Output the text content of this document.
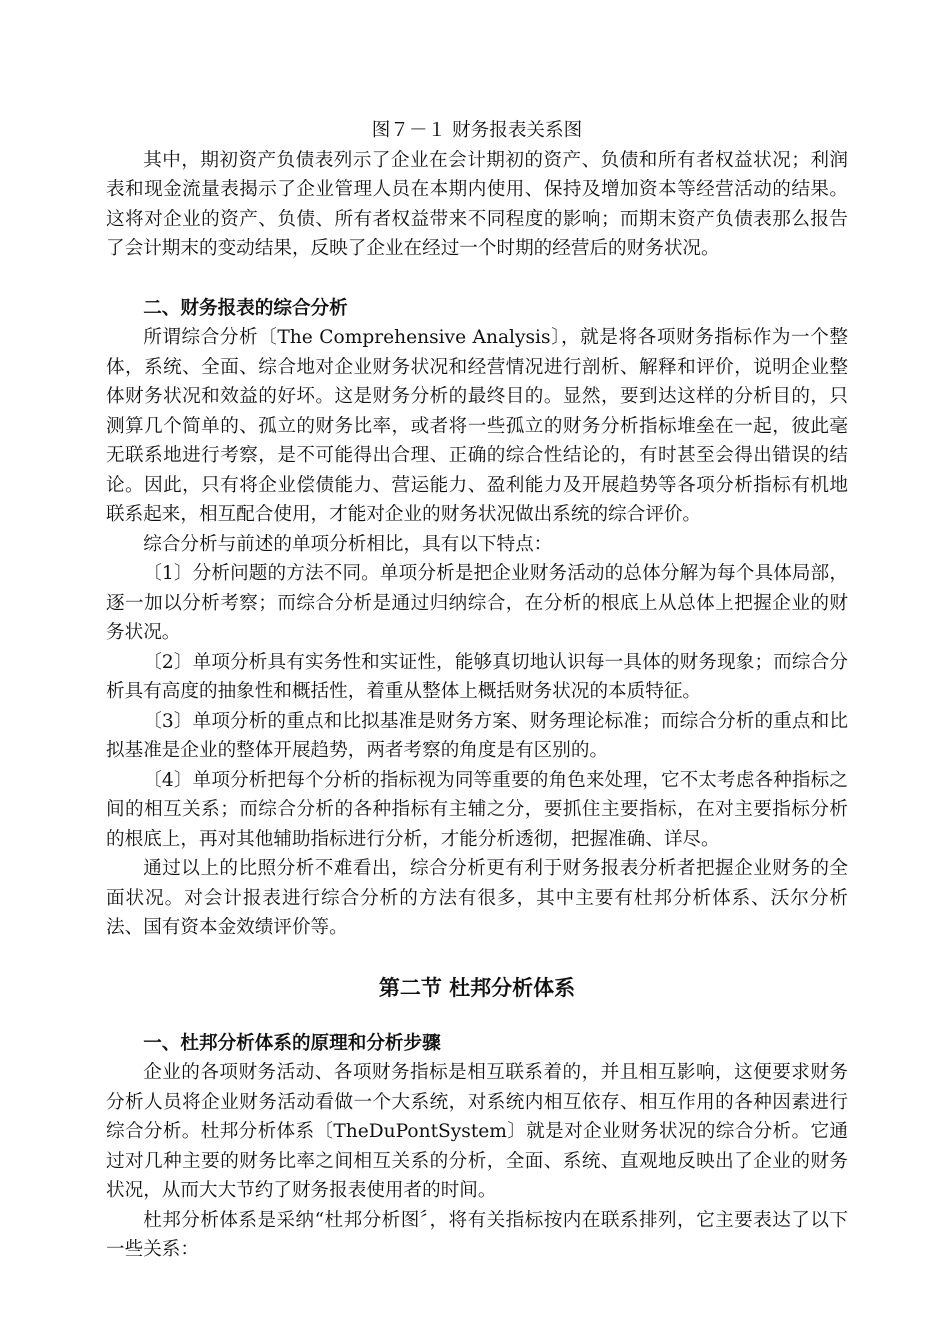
图７－１ 财务报表关系图

其中，期初资产负债表列示了企业在会计期初的资产、负债和所有者权益状况；利润表和现金流量表揭示了企业管理人员在本期内使用、保持及增加资本等经营活动的结果。这将对企业的资产、负债、所有者权益带来不同程度的影响；而期末资产负债表那么报告了会计期末的变动结果，反映了企业在经过一个时期的经营后的财务状况。

二、财务报表的综合分析

所谓综合分析〔The Comprehensive Analysis〕，就是将各项财务指标作为一个整体，系统、全面、综合地对企业财务状况和经营情况进行剖析、解释和评价，说明企业整体财务状况和效益的好坏。这是财务分析的最终目的。显然，要到达这样的分析目的，只测算几个简单的、孤立的财务比率，或者将一些孤立的财务分析指标堆垒在一起，彼此毫无联系地进行考察，是不可能得出合理、正确的综合性结论的，有时甚至会得出错误的结论。因此，只有将企业偿债能力、营运能力、盈利能力及开展趋势等各项分析指标有机地联系起来，相互配合使用，才能对企业的财务状况做出系统的综合评价。

综合分析与前述的单项分析相比，具有以下特点：

〔1〕分析问题的方法不同。单项分析是把企业财务活动的总体分解为每个具体局部，逐一加以分析考察；而综合分析是通过归纳综合，在分析的根底上从总体上把握企业的财务状况。

〔2〕单项分析具有实务性和实证性，能够真切地认识每一具体的财务现象；而综合分析具有高度的抽象性和概括性，着重从整体上概括财务状况的本质特征。

〔3〕单项分析的重点和比拟基准是财务方案、财务理论标准；而综合分析的重点和比拟基准是企业的整体开展趋势，两者考察的角度是有区别的。

〔4〕单项分析把每个分析的指标视为同等重要的角色来处理，它不太考虑各种指标之间的相互关系；而综合分析的各种指标有主辅之分，要抓住主要指标，在对主要指标分析的根底上，再对其他辅助指标进行分析，才能分析透彻，把握准确、详尽。

通过以上的比照分析不难看出，综合分析更有利于财务报表分析者把握企业财务的全面状况。对会计报表进行综合分析的方法有很多，其中主要有杜邦分析体系、沃尔分析法、国有资本金效绩评价等。

第二节 杜邦分析体系

一、杜邦分析体系的原理和分析步骤

企业的各项财务活动、各项财务指标是相互联系着的，并且相互影响，这便要求财务分析人员将企业财务活动看做一个大系统，对系统内相互依存、相互作用的各种因素进行综合分析。杜邦分析体系〔TheDuPontSystem〕就是对企业财务状况的综合分析。它通过对几种主要的财务比率之间相互关系的分析，全面、系统、直观地反映出了企业的财务状况，从而大大节约了财务报表使用者的时间。

杜邦分析体系是采纳“杜邦分析图〞，将有关指标按内在联系排列，它主要表达了以下一些关系：
